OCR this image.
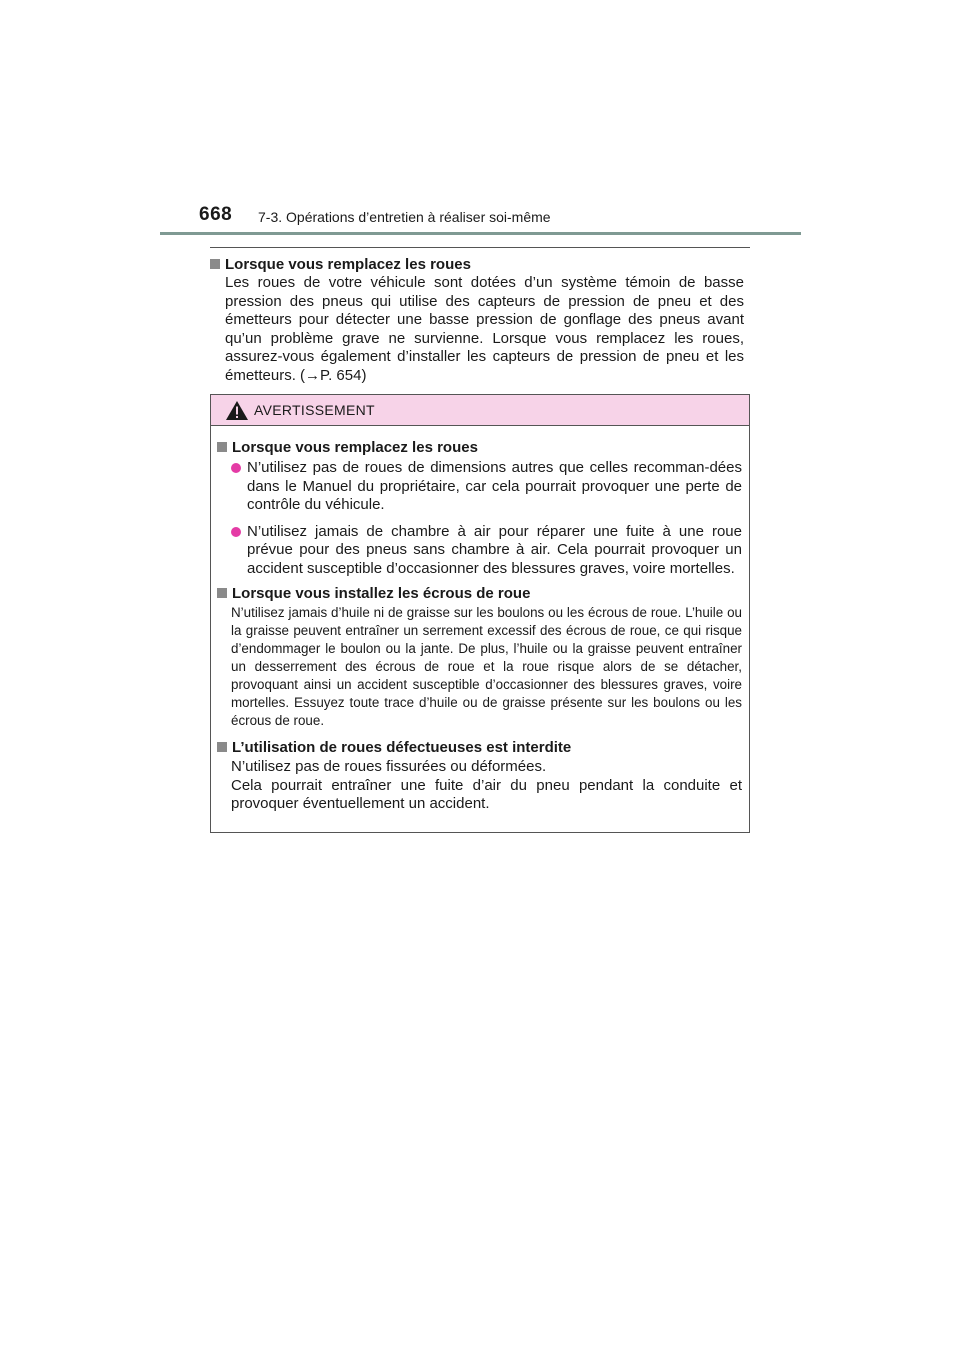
668 7-3. Opérations d’entretien à réaliser soi-même
Lorsque vous remplacez les roues
Les roues de votre véhicule sont dotées d’un système témoin de basse pression des pneus qui utilise des capteurs de pression de pneu et des émetteurs pour détecter une basse pression de gonflage des pneus avant qu’un problème grave ne survienne. Lorsque vous remplacez les roues, assurez-vous également d’installer les capteurs de pression de pneu et les émetteurs. (→P. 654)
AVERTISSEMENT
Lorsque vous remplacez les roues
N’utilisez pas de roues de dimensions autres que celles recomman-dées dans le Manuel du propriétaire, car cela pourrait provoquer une perte de contrôle du véhicule.
N’utilisez jamais de chambre à air pour réparer une fuite à une roue prévue pour des pneus sans chambre à air. Cela pourrait provoquer un accident susceptible d’occasionner des blessures graves, voire mortelles.
Lorsque vous installez les écrous de roue
N’utilisez jamais d’huile ni de graisse sur les boulons ou les écrous de roue. L’huile ou la graisse peuvent entraîner un serrement excessif des écrous de roue, ce qui risque d’endommager le boulon ou la jante. De plus, l’huile ou la graisse peuvent entraîner un desserrement des écrous de roue et la roue risque alors de se détacher, provoquant ainsi un accident susceptible d’occasionner des blessures graves, voire mortelles. Essuyez toute trace d’huile ou de graisse présente sur les boulons ou les écrous de roue.
L’utilisation de roues défectueuses est interdite
N’utilisez pas de roues fissurées ou déformées.
Cela pourrait entraîner une fuite d’air du pneu pendant la conduite et provoquer éventuellement un accident.
